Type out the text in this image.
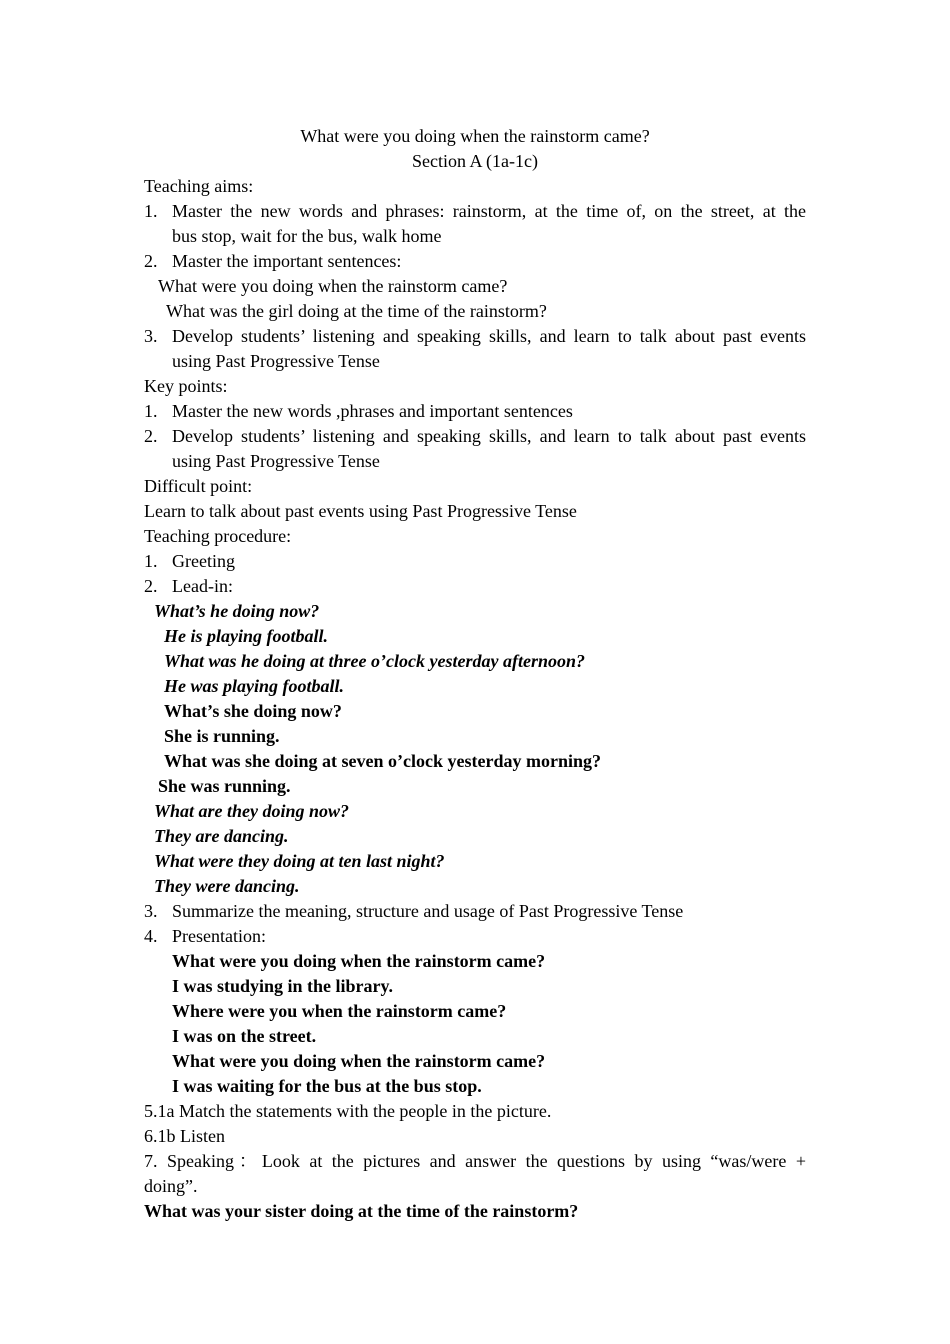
What were you doing when the rainstorm came?
Section A (1a-1c)
Teaching aims:
1. Master the new words and phrases: rainstorm, at the time of, on the street, at the
bus stop, wait for the bus, walk home
2. Master the important sentences:
What were you doing when the rainstorm came?
What was the girl doing at the time of the rainstorm?
3. Develop students’ listening and speaking skills, and learn to talk about past events
using Past Progressive Tense
Key points:
1. Master the new words ,phrases and important sentences
2. Develop students’ listening and speaking skills, and learn to talk about past events
using Past Progressive Tense
Difficult point:
Learn to talk about past events using Past Progressive Tense
Teaching procedure:
1. Greeting
2. Lead-in:
What’s he doing now?
He is playing football.
What was he doing at three o’clock yesterday afternoon?
He was playing football.
What’s she doing now?
She is running.
What was she doing at seven o’clock yesterday morning?
She was running.
What are they doing now?
They are dancing.
What were they doing at ten last night?
They were dancing.
3. Summarize the meaning, structure and usage of Past Progressive Tense
4. Presentation:
What were you doing when the rainstorm came?
I was studying in the library.
Where were you when the rainstorm came?
I was on the street.
What were you doing when the rainstorm came?
I was waiting for the bus at the bus stop.
5.1a Match the statements with the people in the picture.
6.1b Listen
7. Speaking：Look at the pictures and answer the questions by using “was/were +
doing”.
What was your sister doing at the time of the rainstorm?
